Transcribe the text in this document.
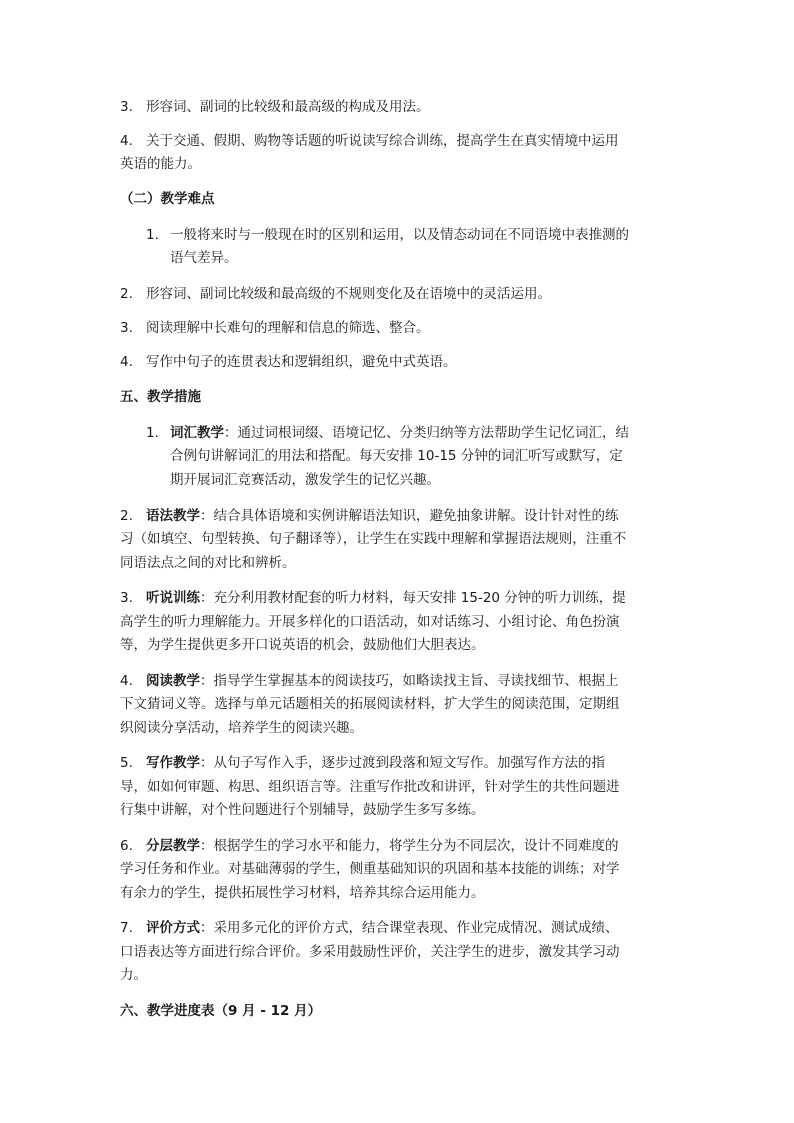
3. 形容词、副词的比较级和最高级的构成及用法。
4. 关于交通、假期、购物等话题的听说读写综合训练，提高学生在真实情境中运用
英语的能力。
（二）教学难点
1. 一般将来时与一般现在时的区别和运用，以及情态动词在不同语境中表推测的
语气差异。
2. 形容词、副词比较级和最高级的不规则变化及在语境中的灵活运用。
3. 阅读理解中长难句的理解和信息的筛选、整合。
4. 写作中句子的连贯表达和逻辑组织，避免中式英语。
五、教学措施
1. 词汇教学：通过词根词缀、语境记忆、分类归纳等方法帮助学生记忆词汇，结
合例句讲解词汇的用法和搭配。每天安排 10-15 分钟的词汇听写或默写，定
期开展词汇竞赛活动，激发学生的记忆兴趣。
2. 语法教学：结合具体语境和实例讲解语法知识，避免抽象讲解。设计针对性的练
习（如填空、句型转换、句子翻译等），让学生在实践中理解和掌握语法规则，注重不
同语法点之间的对比和辨析。
3. 听说训练：充分利用教材配套的听力材料，每天安排 15-20 分钟的听力训练，提
高学生的听力理解能力。开展多样化的口语活动，如对话练习、小组讨论、角色扮演
等，为学生提供更多开口说英语的机会，鼓励他们大胆表达。
4. 阅读教学：指导学生掌握基本的阅读技巧，如略读找主旨、寻读找细节、根据上
下文猜词义等。选择与单元话题相关的拓展阅读材料，扩大学生的阅读范围，定期组
织阅读分享活动，培养学生的阅读兴趣。
5. 写作教学：从句子写作入手，逐步过渡到段落和短文写作。加强写作方法的指
导，如如何审题、构思、组织语言等。注重写作批改和讲评，针对学生的共性问题进
行集中讲解，对个性问题进行个别辅导，鼓励学生多写多练。
6. 分层教学：根据学生的学习水平和能力，将学生分为不同层次，设计不同难度的
学习任务和作业。对基础薄弱的学生，侧重基础知识的巩固和基本技能的训练；对学
有余力的学生，提供拓展性学习材料，培养其综合运用能力。
7. 评价方式：采用多元化的评价方式，结合课堂表现、作业完成情况、测试成绩、
口语表达等方面进行综合评价。多采用鼓励性评价，关注学生的进步，激发其学习动
力。
六、教学进度表（9 月 - 12 月）
